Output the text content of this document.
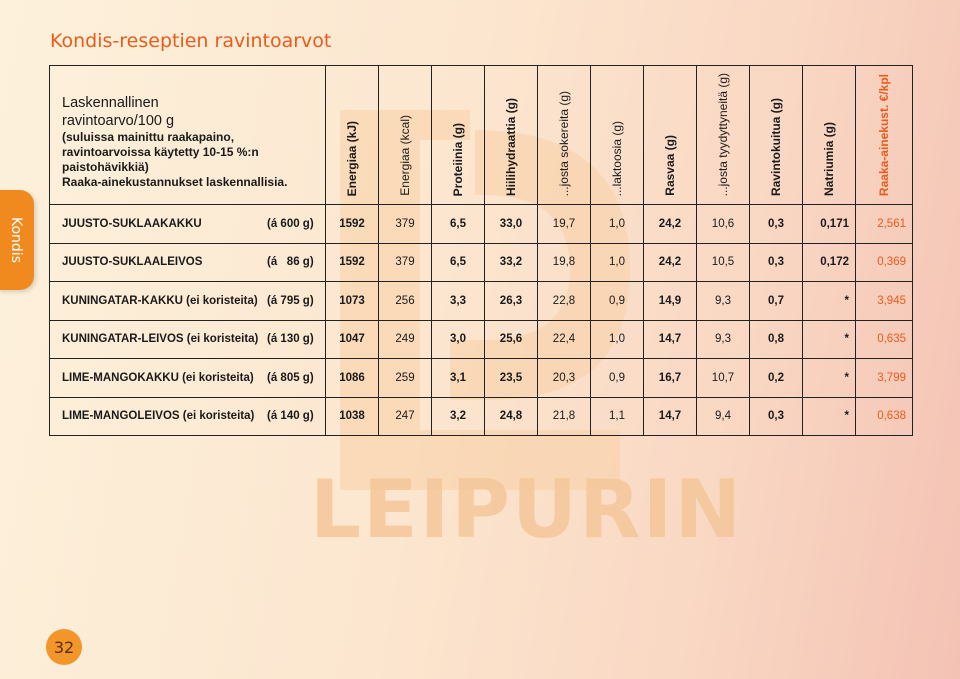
LEIPURIN
Kondis-reseptien ravintoarvot
Kondis
Laskennallinen
ravintoarvo/100 g
(suluissa mainittu raakapaino,
ravintoarvoissa käytetty 10-15 %:n paistohävikkiä)
Raaka-ainekustannukset laskennallisia.	Energiaa (kJ)	Energiaa (kcal)	Proteiinia (g)	Hiilihydraattia (g)	...josta sokereita (g)	...laktoosia (g)	Rasvaa (g)	...josta tyydyttyneitä (g)	Ravintokuitua (g)	Natriumia (g)	Raaka-ainekust. €/kpl

JUUSTO-SUKLAAKAKKU (á 600 g)	1592	379	6,5	33,0	19,7	1,0	24,2	10,6	0,3	0,171	2,561
JUUSTO-SUKLAALEIVOS (á   86 g)	1592	379	6,5	33,2	19,8	1,0	24,2	10,5	0,3	0,172	0,369
KUNINGATAR-KAKKU (ei koristeita) (á 795 g)	1073	256	3,3	26,3	22,8	0,9	14,9	9,3	0,7	*	3,945
KUNINGATAR-LEIVOS (ei koristeita) (á 130 g)	1047	249	3,0	25,6	22,4	1,0	14,7	9,3	0,8	*	0,635
LIME-MANGOKAKKU (ei koristeita) (á 805 g)	1086	259	3,1	23,5	20,3	0,9	16,7	10,7	0,2	*	3,799
LIME-MANGOLEIVOS (ei koristeita) (á 140 g)	1038	247	3,2	24,8	21,8	1,1	14,7	9,4	0,3	*	0,638
32
